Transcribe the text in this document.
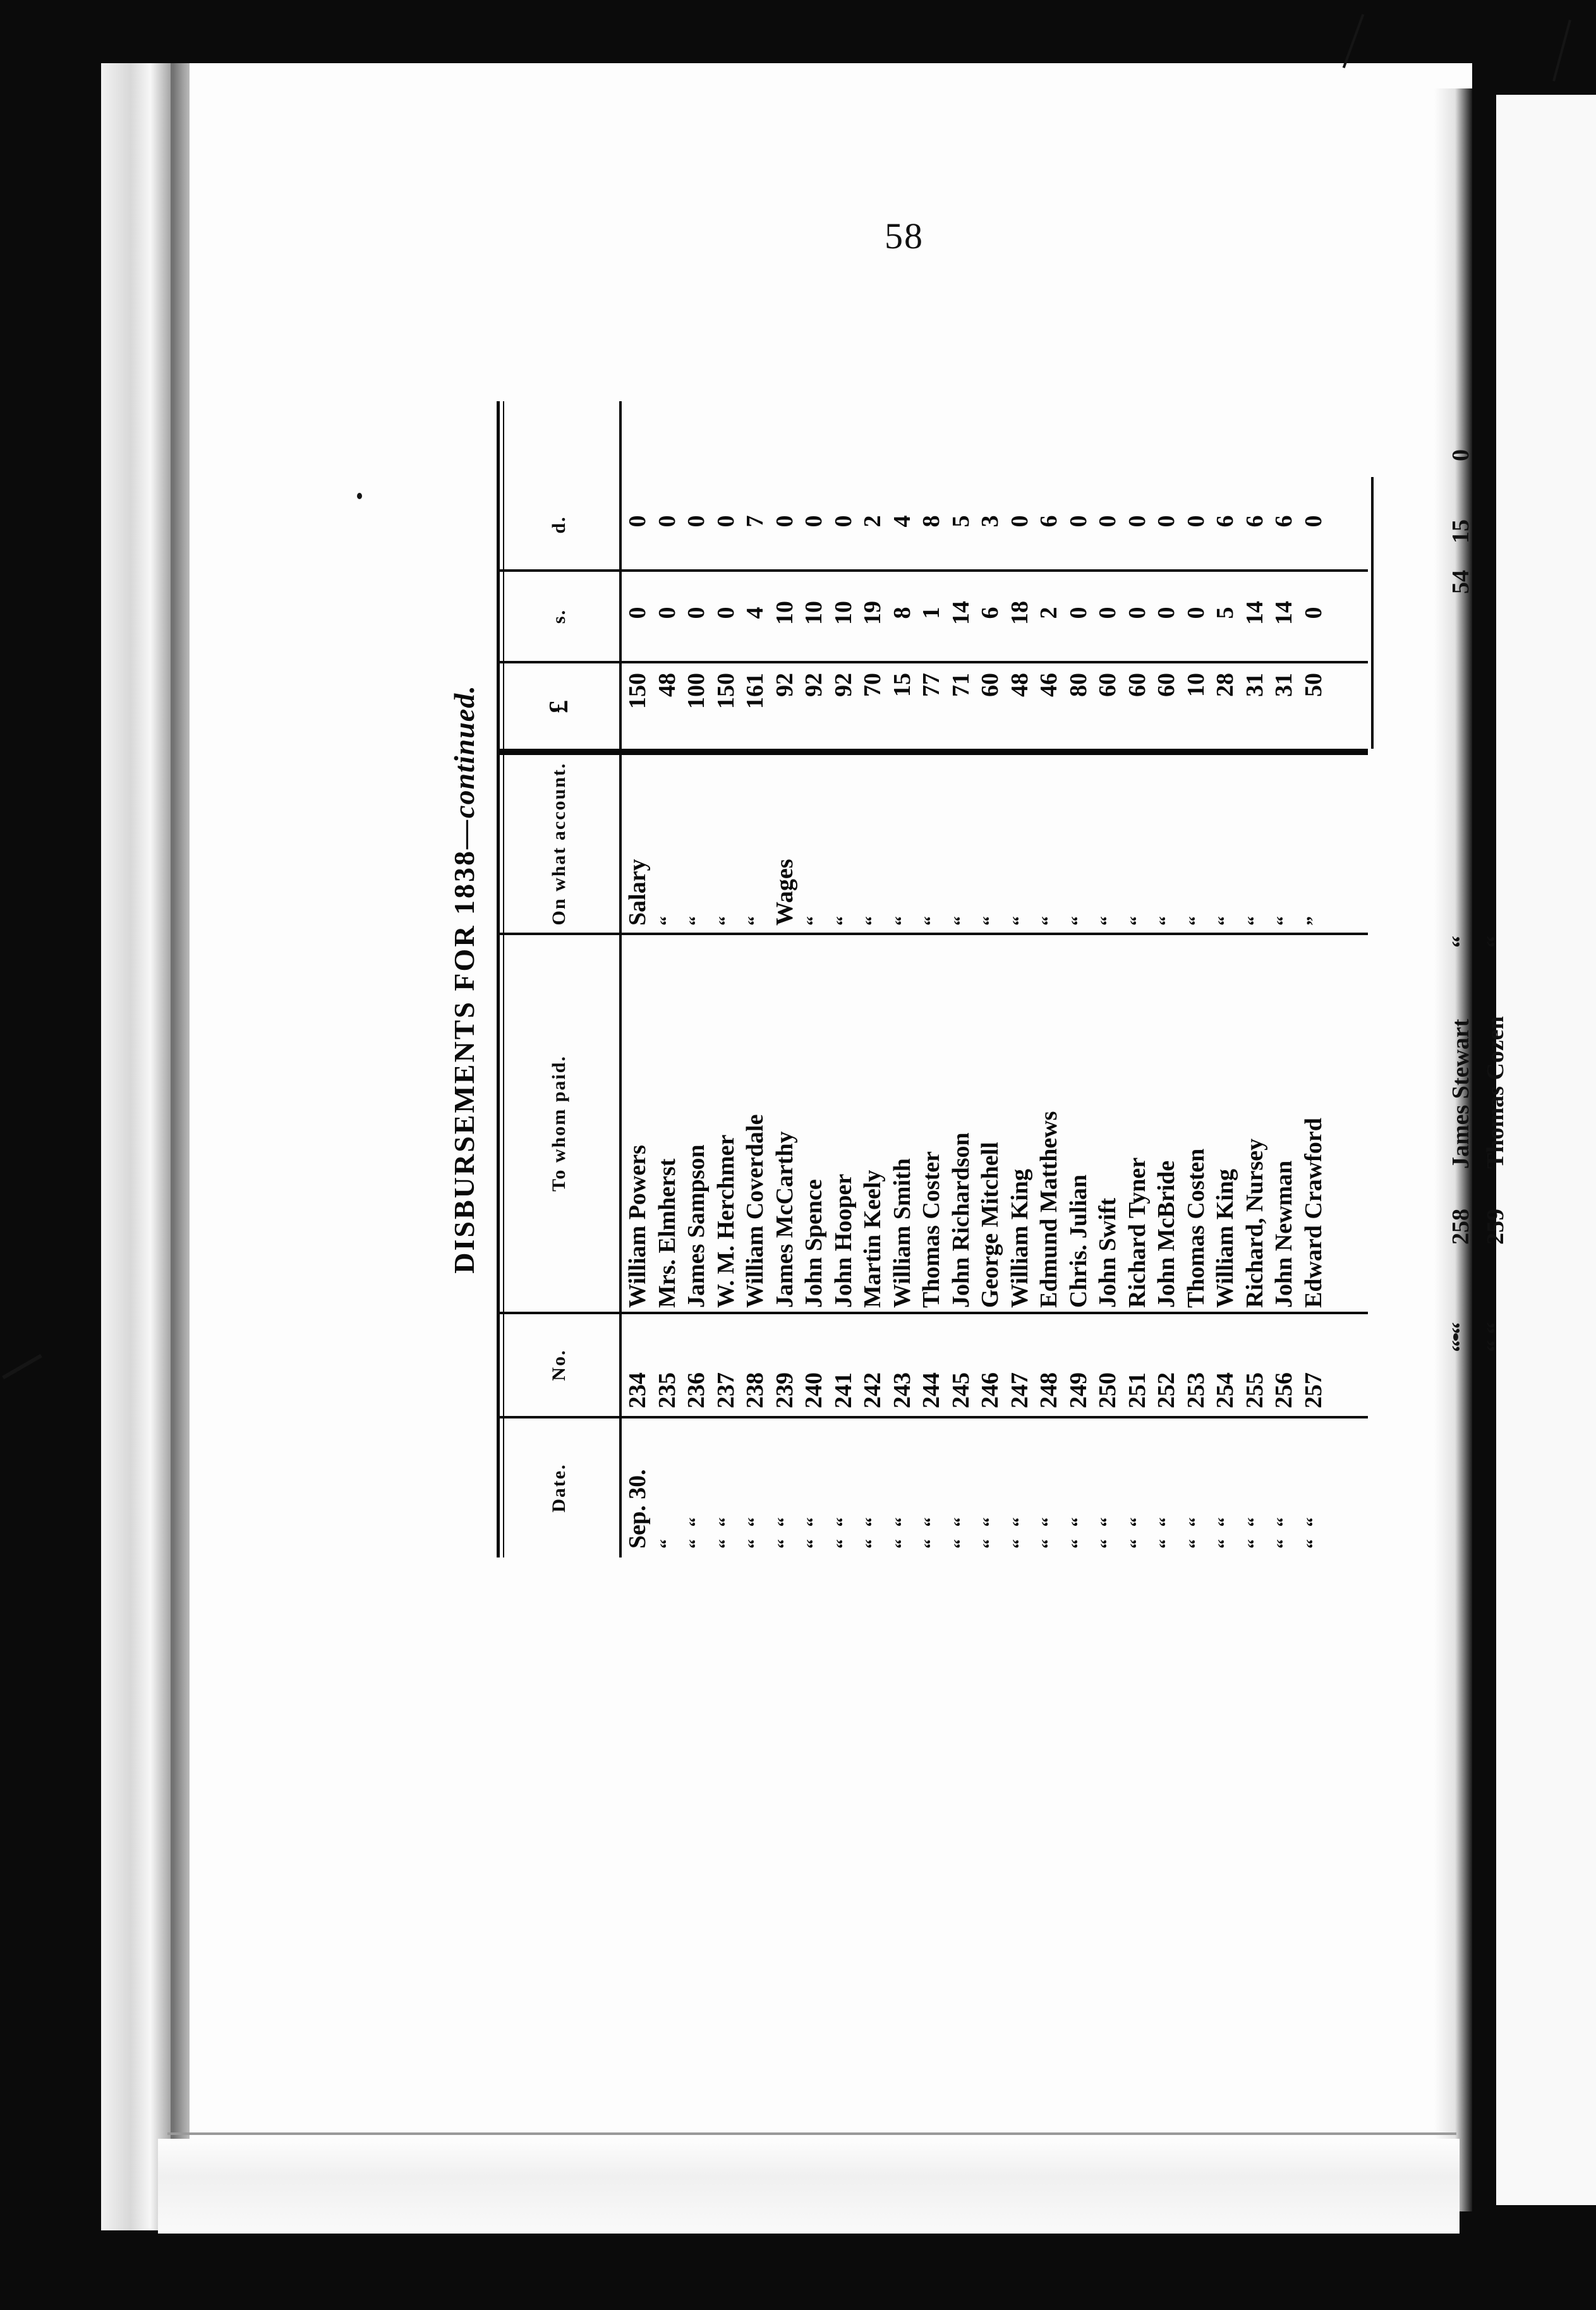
58
DISBURSEMENTS FOR 1838—continued.
Date.
No.
To whom paid.
On what account.
£
s.
d.
Sep. 30.
234
William Powers
Salary
150
0
0
“
235
Mrs. Elmherst
“
48
0
0
“ “
236
James Sampson
“
100
0
0
“ “
237
W. M. Herchmer
“
150
0
0
“ “
238
William Coverdale
“
161
4
7
“ “
239
James McCarthy
Wages
92
10
0
“ “
240
John Spence
“
92
10
0
“ “
241
John Hooper
“
92
10
0
“ “
242
Martin Keely
“
70
19
2
“ “
243
William Smith
“
15
8
4
“ “
244
Thomas Coster
“
77
1
8
“ “
245
John Richardson
“
71
14
5
“ “
246
George Mitchell
“
60
6
3
“ “
247
William King
“
48
18
0
“ “
248
Edmund Matthews
“
46
2
6
“ “
249
Chris. Julian
“
80
0
0
“ “
250
John Swift
“
60
0
0
“ “
251
Richard Tyner
“
60
0
0
“ “
252
John McBride
“
60
0
0
“ “
253
Thomas Costen
“
10
0
0
“ “
254
William King
“
28
5
6
“ “
255
Richard, Nursey
“
31
14
6
“ “
256
John Newman
“
31
14
6
“ “
257
Edward Crawford
”
50
0
0
258
James Stewart
“
54
15
0
“ “
259
Thomas Cozen
“
“ “
